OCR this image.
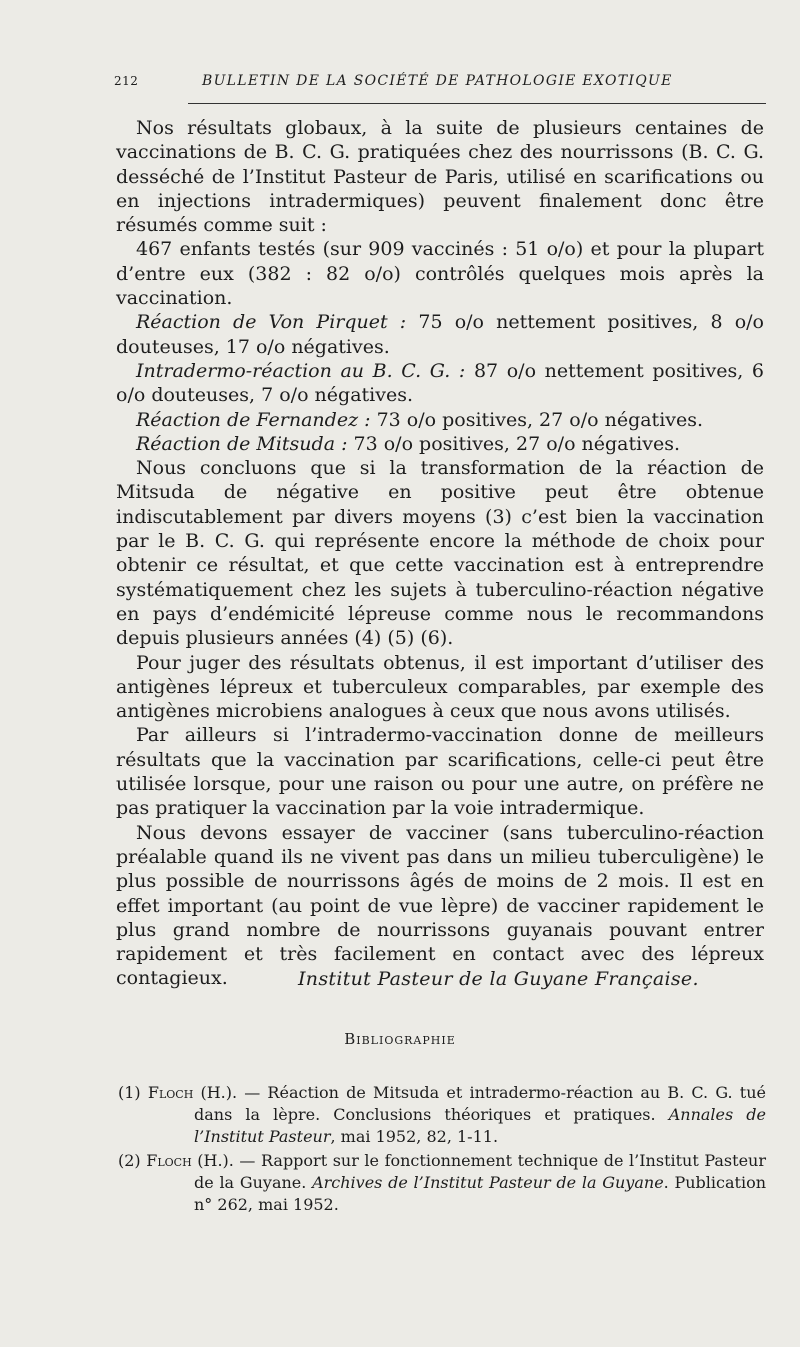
212	BULLETIN DE LA SOCIÉTÉ DE PATHOLOGIE EXOTIQUE

Nos résultats globaux, à la suite de plusieurs centaines de vaccinations de B. C. G. pratiquées chez des nourrissons (B. C. G. desséché de l’Institut Pasteur de Paris, utilisé en scarifications ou en injections intradermiques) peuvent finalement donc être résumés comme suit :

467 enfants testés (sur 909 vaccinés : 51 o/o) et pour la plupart d’entre eux (382 : 82 o/o) contrôlés quelques mois après la vaccination.

Réaction de Von Pirquet : 75 o/o nettement positives, 8 o/o douteuses, 17 o/o négatives.

Intradermo-réaction au B. C. G. : 87 o/o nettement positives, 6 o/o douteuses, 7 o/o négatives.

Réaction de Fernandez : 73 o/o positives, 27 o/o négatives.

Réaction de Mitsuda : 73 o/o positives, 27 o/o négatives.

Nous concluons que si la transformation de la réaction de Mitsuda de négative en positive peut être obtenue indiscutablement par divers moyens (3) c’est bien la vaccination par le B. C. G. qui représente encore la méthode de choix pour obtenir ce résultat, et que cette vaccination est à entreprendre systématiquement chez les sujets à tuberculino-réaction négative en pays d’endémicité lépreuse comme nous le recommandons depuis plusieurs années (4) (5) (6).

Pour juger des résultats obtenus, il est important d’utiliser des antigènes lépreux et tuberculeux comparables, par exemple des antigènes microbiens analogues à ceux que nous avons utilisés.

Par ailleurs si l’intradermo-vaccination donne de meilleurs résultats que la vaccination par scarifications, celle-ci peut être utilisée lorsque, pour une raison ou pour une autre, on préfère ne pas pratiquer la vaccination par la voie intradermique.

Nous devons essayer de vacciner (sans tuberculino-réaction préalable quand ils ne vivent pas dans un milieu tuberculigène) le plus possible de nourrissons âgés de moins de 2 mois. Il est en effet important (au point de vue lèpre) de vacciner rapidement le plus grand nombre de nourrissons guyanais pouvant entrer rapidement et très facilement en contact avec des lépreux contagieux.	Institut Pasteur de la Guyane Française.
Bibliographie
(1) Floch (H.). — Réaction de Mitsuda et intradermo-réaction au B. C. G. tué dans la lèpre. Conclusions théoriques et pratiques. Annales de l’Institut Pasteur, mai 1952, 82, 1-11.
(2) Floch (H.). — Rapport sur le fonctionnement technique de l’Institut Pasteur de la Guyane. Archives de l’Institut Pasteur de la Guyane. Publication n° 262, mai 1952.
